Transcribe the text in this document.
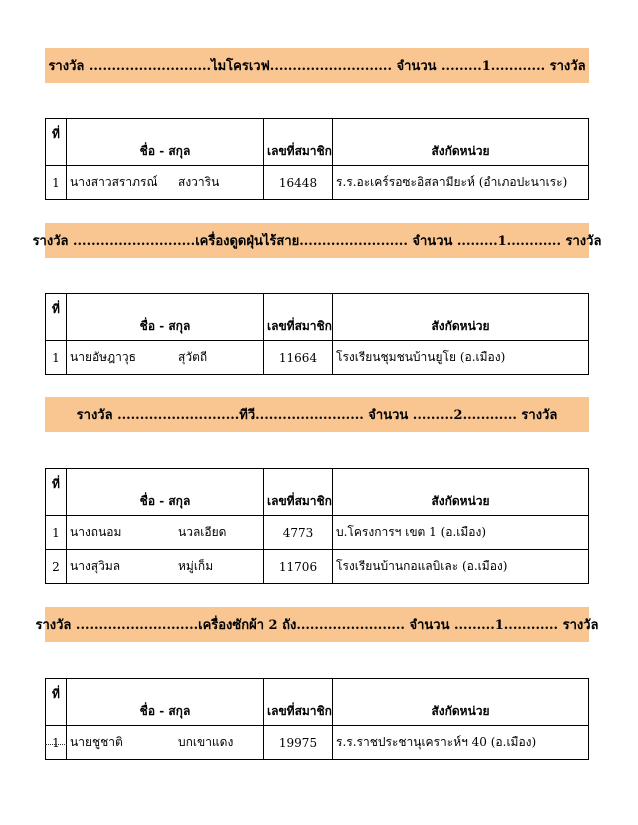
รางวัล ...........................ไมโครเวฟ........................... จำนวน .........1............ รางวัล
ที่	ชื่อ - สกุล	เลขที่สมาชิก	สังกัดหน่วย
1	นางสาวสราภรณ์ สงวาริน	16448	ร.ร.อะเคร์รอซะอิสลามียะห์ (อำเภอปะนาเระ)
รางวัล ...........................เครื่องดูดฝุ่นไร้สาย........................ จำนวน .........1............ รางวัล
ที่	ชื่อ - สกุล	เลขที่สมาชิก	สังกัดหน่วย
1	นายอัษฎาวุธ สุวัตถี	11664	โรงเรียนชุมชนบ้านยูโย (อ.เมือง)
รางวัล ...........................ทีวี........................ จำนวน .........2............ รางวัล
ที่	ชื่อ - สกุล	เลขที่สมาชิก	สังกัดหน่วย
1	นางถนอม นวลเอียด	4773	บ.โครงการฯ เขต 1 (อ.เมือง)
2	นางสุวิมล หมู่เก็ม	11706	โรงเรียนบ้านกอแลบิเละ (อ.เมือง)
รางวัล ...........................เครื่องซักผ้า 2 ถัง........................ จำนวน .........1............ รางวัล
ที่	ชื่อ - สกุล	เลขที่สมาชิก	สังกัดหน่วย
1	นายชูชาติ บกเขาแดง	19975	ร.ร.ราชประชานุเคราะห์ฯ 40 (อ.เมือง)
